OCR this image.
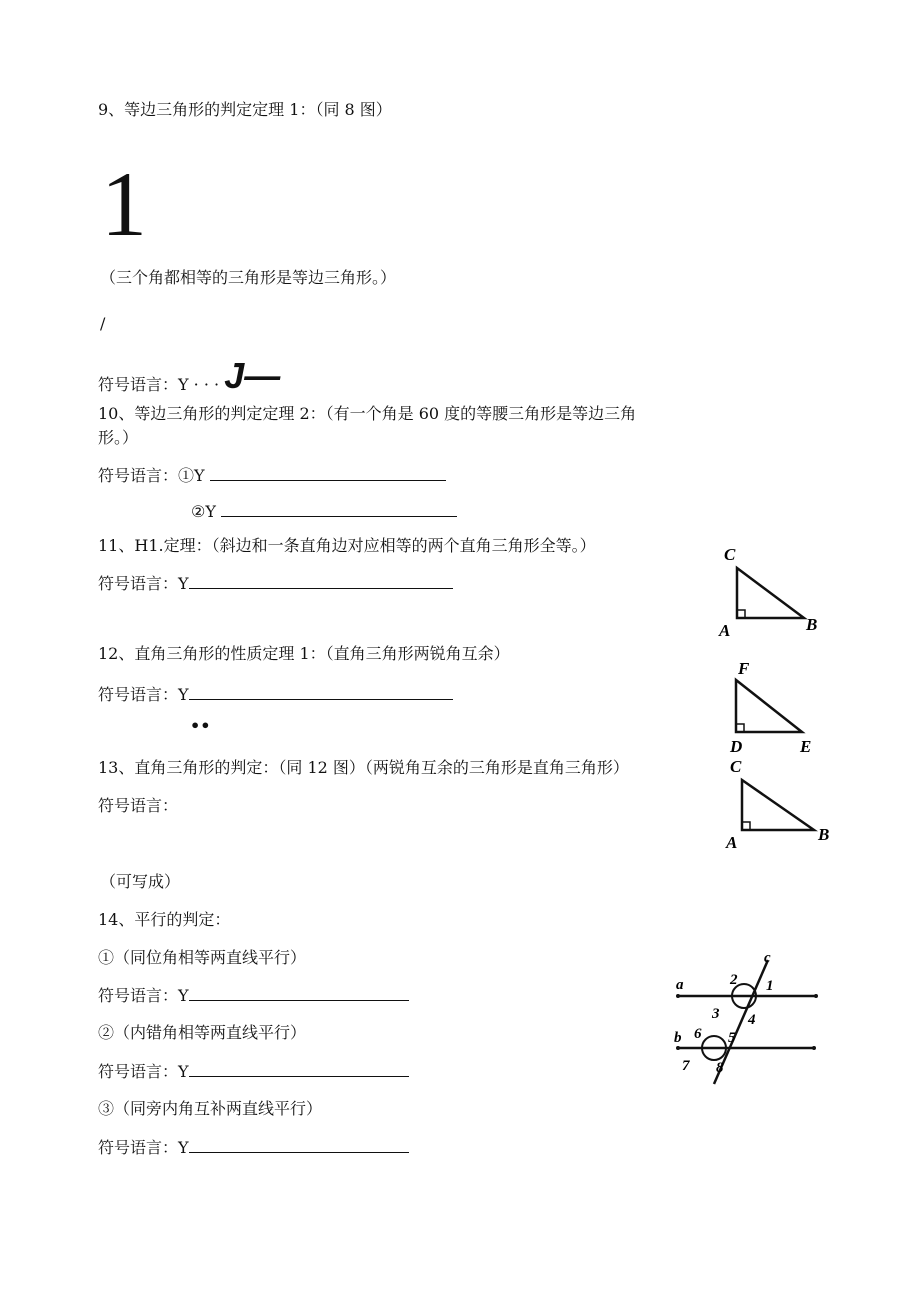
9、等边三角形的判定定理 1：（同 8 图）
1
（三个角都相等的三角形是等边三角形。）
/
符号语言：Y · · · J—
10、等边三角形的判定定理 2：（有一个角是 60 度的等腰三角形是等边三角
形。）
符号语言：①Y
②Y
11、H1.定理：（斜边和一条直角边对应相等的两个直角三角形全等。）
符号语言：Y
12、直角三角形的性质定理 1：（直角三角形两锐角互余）
符号语言：Y
••
13、直角三角形的判定：（同 12 图）（两锐角互余的三角形是直角三角形）
符号语言：
（可写成）
14、平行的判定：
①（同位角相等两直线平行）
符号语言：Y
②（内错角相等两直线平行）
符号语言：Y
③（同旁内角互补两直线平行）
符号语言：Y
C
A	B
F
D	E
C
A	B
a
b
c
1
2
3 4
5
6
7 8
